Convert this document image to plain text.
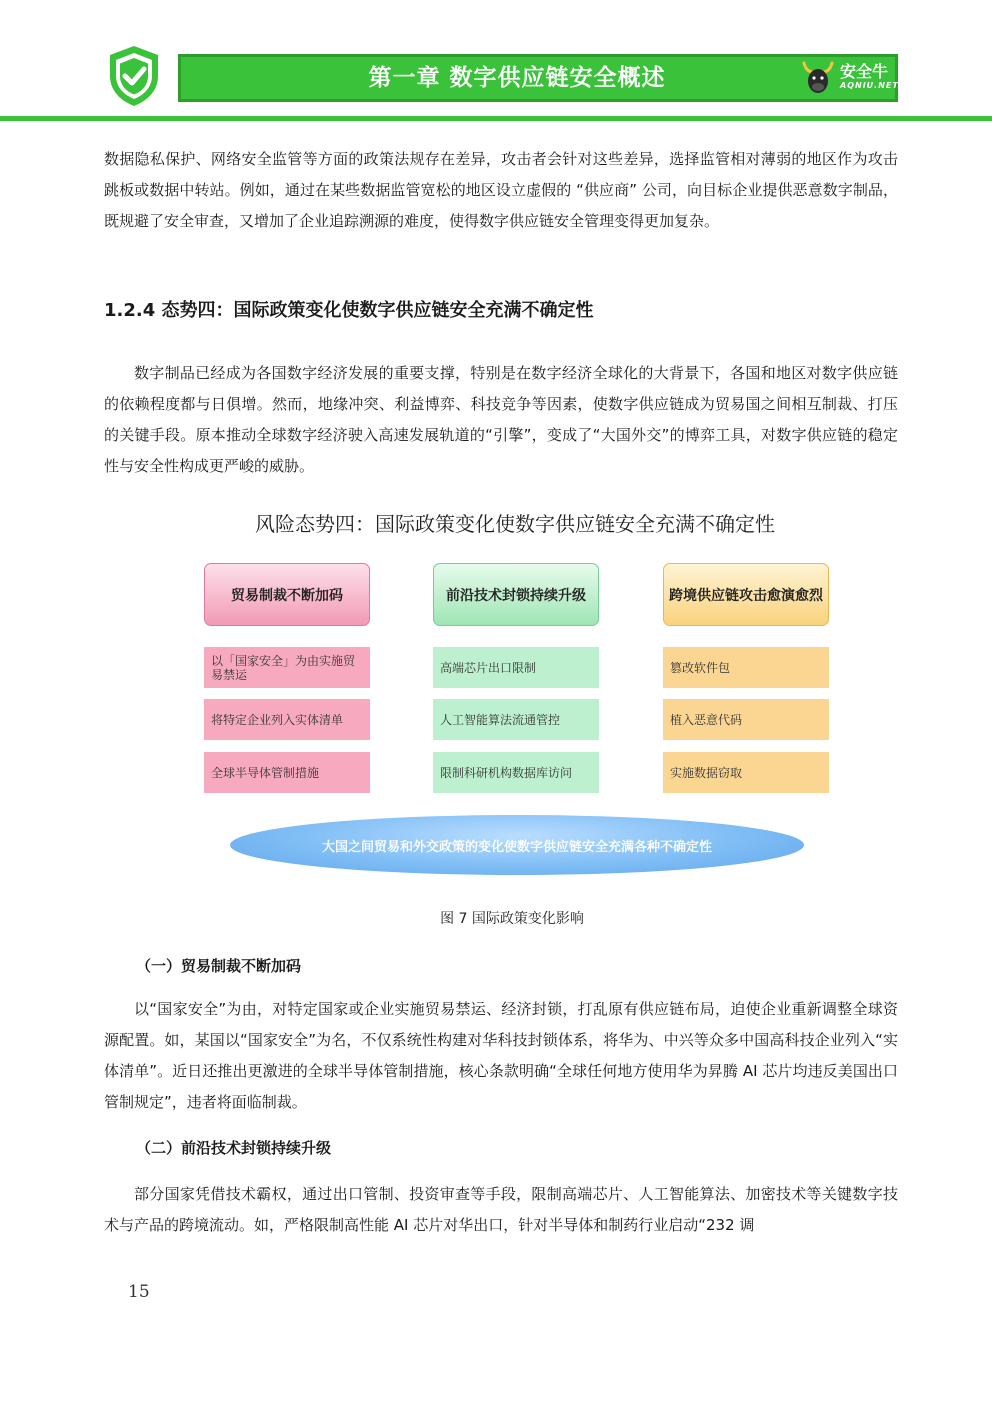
第一章 数字供应链安全概述	安全牛
AQNIU.NET

数据隐私保护、网络安全监管等方面的政策法规存在差异，攻击者会针对这些差异，选择监管相对薄弱的地区作为攻击跳板或数据中转站。例如，通过在某些数据监管宽松的地区设立虚假的 “供应商” 公司，向目标企业提供恶意数字制品，既规避了安全审查，又增加了企业追踪溯源的难度，使得数字供应链安全管理变得更加复杂。

1.2.4 态势四：国际政策变化使数字供应链安全充满不确定性

数字制品已经成为各国数字经济发展的重要支撑，特别是在数字经济全球化的大背景下，各国和地区对数字供应链的依赖程度都与日俱增。然而，地缘冲突、利益博弈、科技竞争等因素，使数字供应链成为贸易国之间相互制裁、打压的关键手段。原本推动全球数字经济驶入高速发展轨道的“引擎”，变成了“大国外交”的博弈工具，对数字供应链的稳定性与安全性构成更严峻的威胁。

风险态势四：国际政策变化使数字供应链安全充满不确定性
贸易制裁不断加码	前沿技术封锁持续升级	跨境供应链攻击愈演愈烈
以「国家安全」为由实施贸易禁运
将特定企业列入实体清单
全球半导体管制措施
高端芯片出口限制
人工智能算法流通管控
限制科研机构数据库访问
篡改软件包
植入恶意代码
实施数据窃取
大国之间贸易和外交政策的变化使数字供应链安全充满各种不确定性
图 7 国际政策变化影响
（一）贸易制裁不断加码

以“国家安全”为由，对特定国家或企业实施贸易禁运、经济封锁，打乱原有供应链布局，迫使企业重新调整全球资源配置。如，某国以“国家安全”为名，不仅系统性构建对华科技封锁体系，将华为、中兴等众多中国高科技企业列入“实体清单”。近日还推出更激进的全球半导体管制措施，核心条款明确“全球任何地方使用华为昇腾 AI 芯片均违反美国出口管制规定”，违者将面临制裁。

（二）前沿技术封锁持续升级

部分国家凭借技术霸权，通过出口管制、投资审查等手段，限制高端芯片、人工智能算法、加密技术等关键数字技术与产品的跨境流动。如，严格限制高性能 AI 芯片对华出口，针对半导体和制药行业启动“232 调

15
